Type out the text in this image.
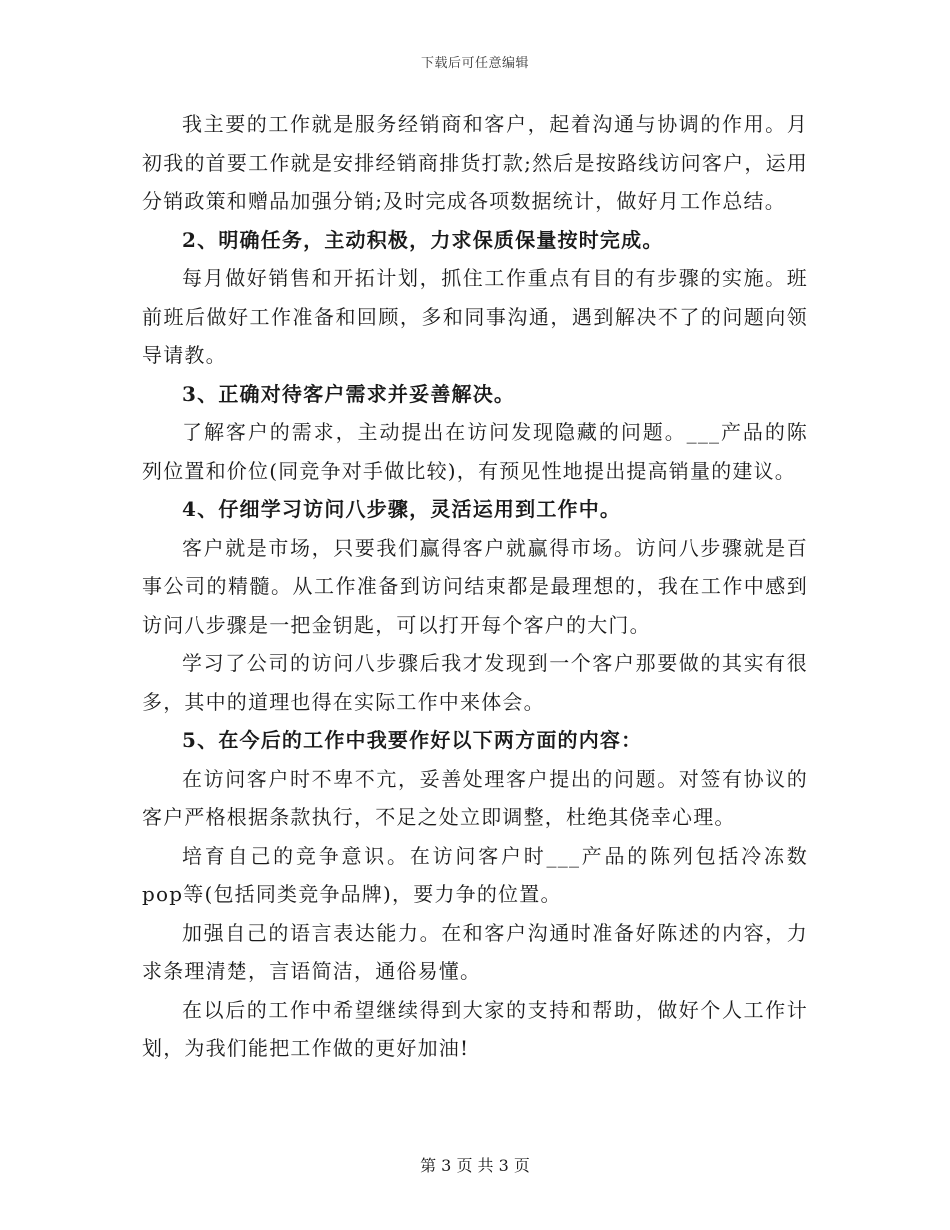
下载后可任意编辑

我主要的工作就是服务经销商和客户，起着沟通与协调的作用。月初我的首要工作就是安排经销商排货打款;然后是按路线访问客户，运用分销政策和赠品加强分销;及时完成各项数据统计，做好月工作总结。

2、明确任务，主动积极，力求保质保量按时完成。

每月做好销售和开拓计划，抓住工作重点有目的有步骤的实施。班前班后做好工作准备和回顾，多和同事沟通，遇到解决不了的问题向领导请教。

3、正确对待客户需求并妥善解决。

了解客户的需求，主动提出在访问发现隐藏的问题。___产品的陈列位置和价位(同竞争对手做比较)，有预见性地提出提高销量的建议。

4、仔细学习访问八步骤，灵活运用到工作中。

客户就是市场，只要我们赢得客户就赢得市场。访问八步骤就是百事公司的精髓。从工作准备到访问结束都是最理想的，我在工作中感到访问八步骤是一把金钥匙，可以打开每个客户的大门。

学习了公司的访问八步骤后我才发现到一个客户那要做的其实有很多，其中的道理也得在实际工作中来体会。

5、在今后的工作中我要作好以下两方面的内容：

在访问客户时不卑不亢，妥善处理客户提出的问题。对签有协议的客户严格根据条款执行，不足之处立即调整，杜绝其侥幸心理。

培育自己的竞争意识。在访问客户时___产品的陈列包括冷冻数pop等(包括同类竞争品牌)，要力争的位置。

加强自己的语言表达能力。在和客户沟通时准备好陈述的内容，力求条理清楚，言语简洁，通俗易懂。

在以后的工作中希望继续得到大家的支持和帮助，做好个人工作计划，为我们能把工作做的更好加油!

第 3 页 共 3 页
